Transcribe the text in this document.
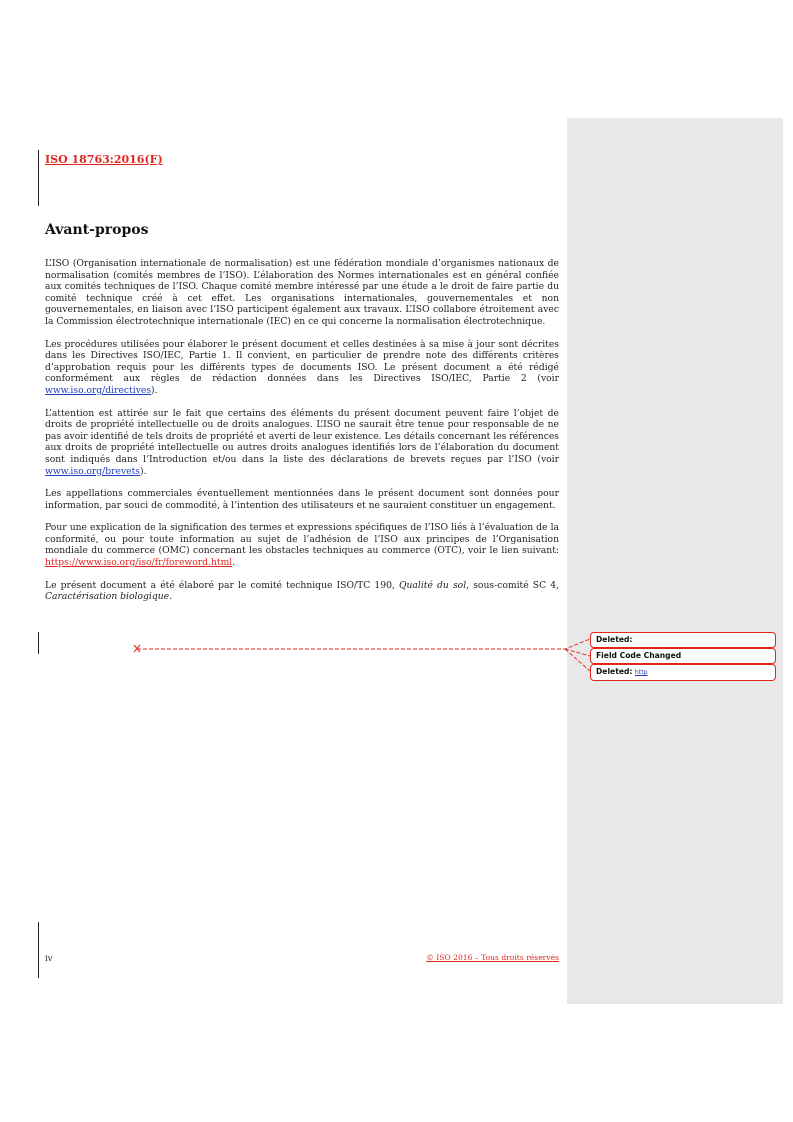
ISO 18763:2016(F)

Avant-propos

L’ISO (Organisation internationale de normalisation) est une fédération mondiale d’organismes nationaux de normalisation (comités membres de l’ISO). L’élaboration des Normes internationales est en général confiée aux comités techniques de l’ISO. Chaque comité membre intéressé par une étude a le droit de faire partie du comité technique créé à cet effet. Les organisations internationales, gouvernementales et non gouvernementales, en liaison avec l’ISO participent également aux travaux. L’ISO collabore étroitement avec la Commission électrotechnique internationale (IEC) en ce qui concerne la normalisation électrotechnique.

Les procédures utilisées pour élaborer le présent document et celles destinées à sa mise à jour sont décrites dans les Directives ISO/IEC, Partie 1. Il convient, en particulier de prendre note des différents critères d’approbation requis pour les différents types de documents ISO. Le présent document a été rédigé conformément aux règles de rédaction données dans les Directives ISO/IEC, Partie 2 (voir www.iso.org/directives).

L’attention est attirée sur le fait que certains des éléments du présent document peuvent faire l’objet de droits de propriété intellectuelle ou de droits analogues. L’ISO ne saurait être tenue pour responsable de ne pas avoir identifié de tels droits de propriété et averti de leur existence. Les détails concernant les références aux droits de propriété intellectuelle ou autres droits analogues identifiés lors de l’élaboration du document sont indiqués dans l’Introduction et/ou dans la liste des déclarations de brevets reçues par l’ISO (voir www.iso.org/brevets).

Les appellations commerciales éventuellement mentionnées dans le présent document sont données pour information, par souci de commodité, à l’intention des utilisateurs et ne sauraient constituer un engagement.

Pour une explication de la signification des termes et expressions spécifiques de l’ISO liés à l’évaluation de la conformité, ou pour toute information au sujet de l’adhésion de l’ISO aux principes de l’Organisation mondiale du commerce (OMC) concernant les obstacles techniques au commerce (OTC), voir le lien suivant: https://www.iso.org/iso/fr/foreword.html.

Le présent document a été élaboré par le comité technique ISO/TC 190, Qualité du sol, sous-comité SC 4, Caractérisation biologique.

iv	© ISO 2016 – Tous droits réservés

Deleted:
Field Code Changed
Deleted: http
